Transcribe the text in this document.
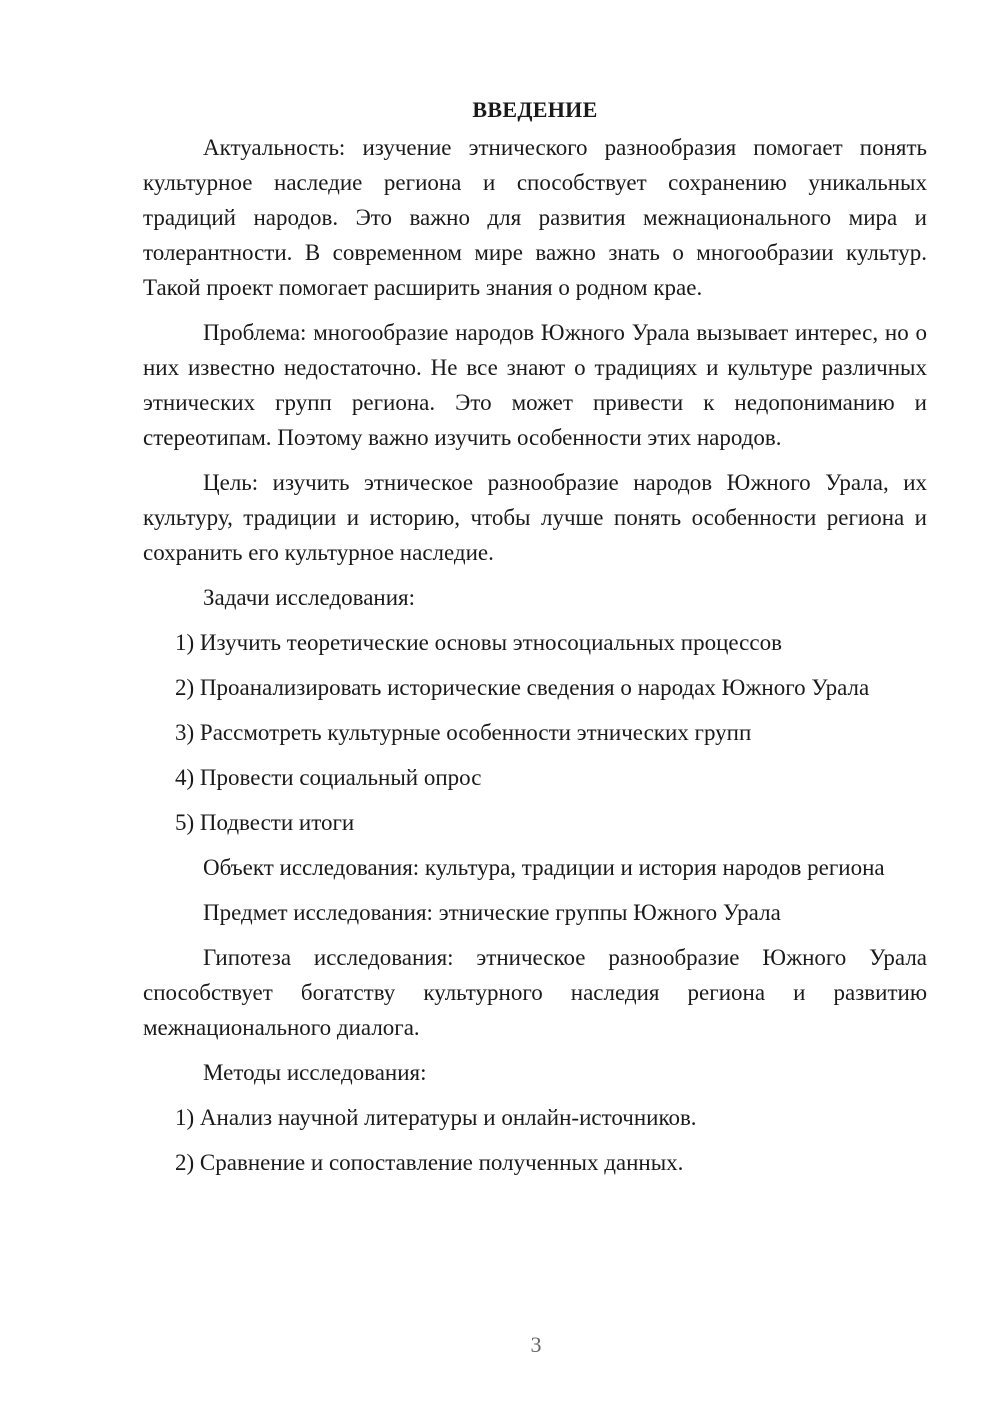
ВВЕДЕНИЕ

Актуальность: изучение этнического разнообразия помогает понять культурное наследие региона и способствует сохранению уникальных традиций народов. Это важно для развития межнационального мира и толерантности. В современном мире важно знать о многообразии культур. Такой проект помогает расширить знания о родном крае.

Проблема: многообразие народов Южного Урала вызывает интерес, но о них известно недостаточно. Не все знают о традициях и культуре различных этнических групп региона. Это может привести к недопониманию и стереотипам. Поэтому важно изучить особенности этих народов.

Цель: изучить этническое разнообразие народов Южного Урала, их культуру, традиции и историю, чтобы лучше понять особенности региона и сохранить его культурное наследие.

Задачи исследования:

1) Изучить теоретические основы этносоциальных процессов

2) Проанализировать исторические сведения о народах Южного Урала

3) Рассмотреть культурные особенности этнических групп

4) Провести социальный опрос

5) Подвести итоги

Объект исследования: культура, традиции и история народов региона

Предмет исследования: этнические группы Южного Урала

Гипотеза исследования: этническое разнообразие Южного Урала способствует богатству культурного наследия региона и развитию межнационального диалога.

Методы исследования:

1) Анализ научной литературы и онлайн-источников.

2) Сравнение и сопоставление полученных данных.

3
